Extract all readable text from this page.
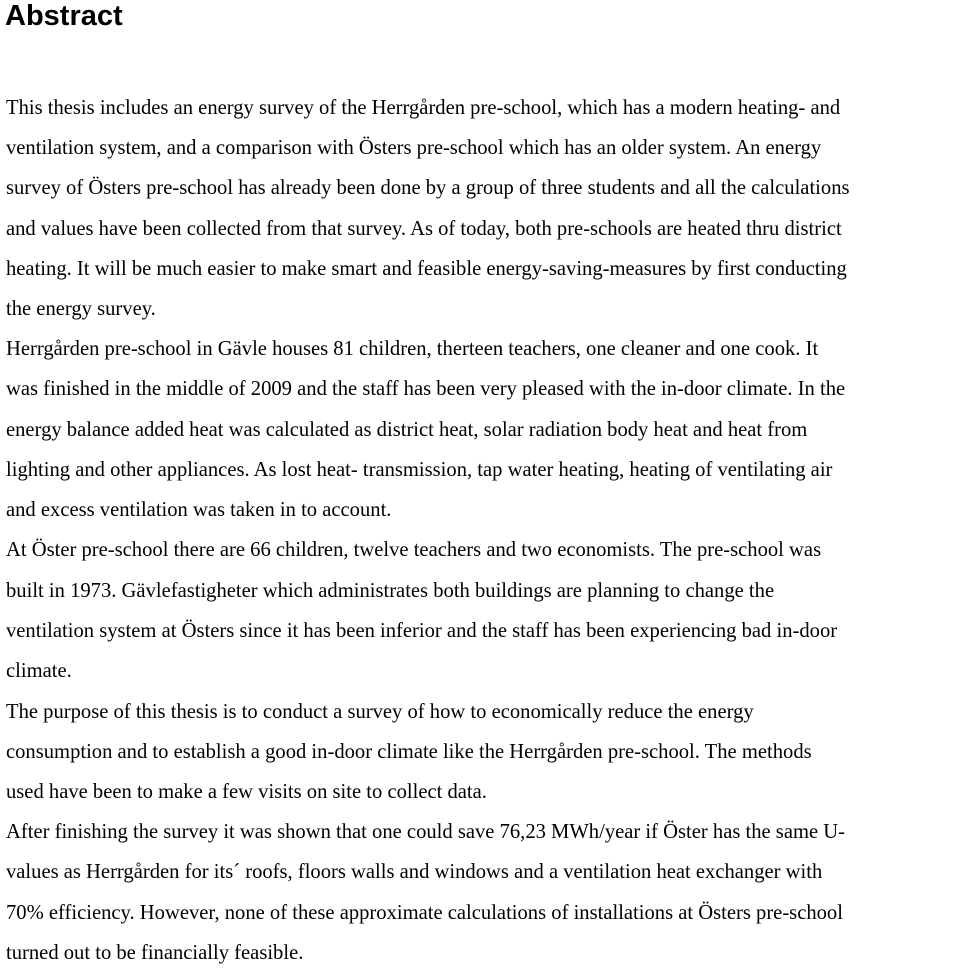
Abstract

This thesis includes an energy survey of the Herrgården pre-school, which has a modern heating- and

ventilation system, and a comparison with Östers pre-school which has an older system. An energy

survey of Östers pre-school has already been done by a group of three students and all the calculations

and values have been collected from that survey. As of today, both pre-schools are heated thru district

heating. It will be much easier to make smart and feasible energy-saving-measures by first conducting

the energy survey.

Herrgården pre-school in Gävle houses 81 children, therteen teachers, one cleaner and one cook. It

was finished in the middle of 2009 and the staff has been very pleased with the in-door climate. In the

energy balance added heat was calculated as district heat, solar radiation body heat and heat from

lighting and other appliances. As lost heat- transmission, tap water heating, heating of ventilating air

and excess ventilation was taken in to account.

At Öster pre-school there are 66 children, twelve teachers and two economists. The pre-school was

built in 1973. Gävlefastigheter which administrates both buildings are planning to change the

ventilation system at Östers since it has been inferior and the staff has been experiencing bad in-door

climate.

The purpose of this thesis is to conduct a survey of how to economically reduce the energy

consumption and to establish a good in-door climate like the Herrgården pre-school. The methods

used have been to make a few visits on site to collect data.

After finishing the survey it was shown that one could save 76,23 MWh/year if Öster has the same U-

values as Herrgården for its´ roofs, floors walls and windows and a ventilation heat exchanger with

70% efficiency. However, none of these approximate calculations of installations at Östers pre-school

turned out to be financially feasible.
